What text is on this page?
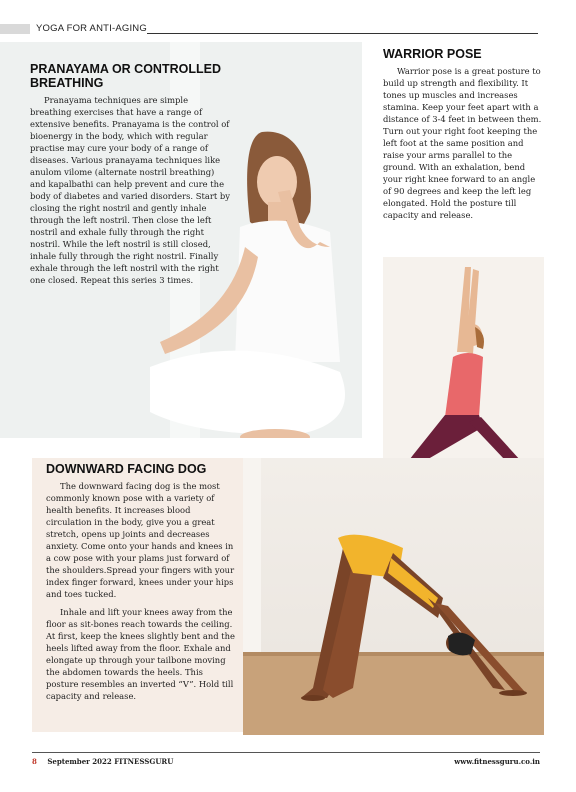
YOGA FOR ANTI-AGING
PRANAYAMA OR CONTROLLED BREATHING

Pranayama techniques are simple breathing exercises that have a range of extensive benefits. Pranayama is the control of bioenergy in the body, which with regular practise may cure your body of a range of diseases. Various pranayama techniques like anulom vilome (alternate nostril breathing) and kapalbathi can help prevent and cure the body of diabetes and varied disorders. Start by closing the right nostril and gently inhale through the left nostril. Then close the left nostril and exhale fully through the right nostril. While the left nostril is still closed, inhale fully through the right nostril. Finally exhale through the left nostril with the right one closed. Repeat this series 3 times.

WARRIOR POSE

Warrior pose is a great posture to build up strength and flexibility. It tones up muscles and increases stamina. Keep your feet apart with a distance of 3-4 feet in between them. Turn out your right foot keeping the left foot at the same position and raise your arms parallel to the ground. With an exhalation, bend your right knee forward to an angle of 90 degrees and keep the left leg elongated. Hold the posture till capacity and release.

DOWNWARD FACING DOG

The downward facing dog is the most commonly known pose with a variety of health benefits. It increases blood circulation in the body, give you a great stretch, opens up joints and decreases anxiety. Come onto your hands and knees in a cow pose with your plams just forward of the shoulders.Spread your fingers with your index finger forward, knees under your hips and toes tucked.

Inhale and lift your knees away from the floor as sit-bones reach towards the ceiling. At first, keep the knees slightly bent and the heels lifted away from the floor. Exhale and elongate up through your tailbone moving the abdomen towards the heels. This posture resembles an inverted “V”. Hold till capacity and release.

8 September 2022 FITNESSGURU	www.fitnessguru.co.in
